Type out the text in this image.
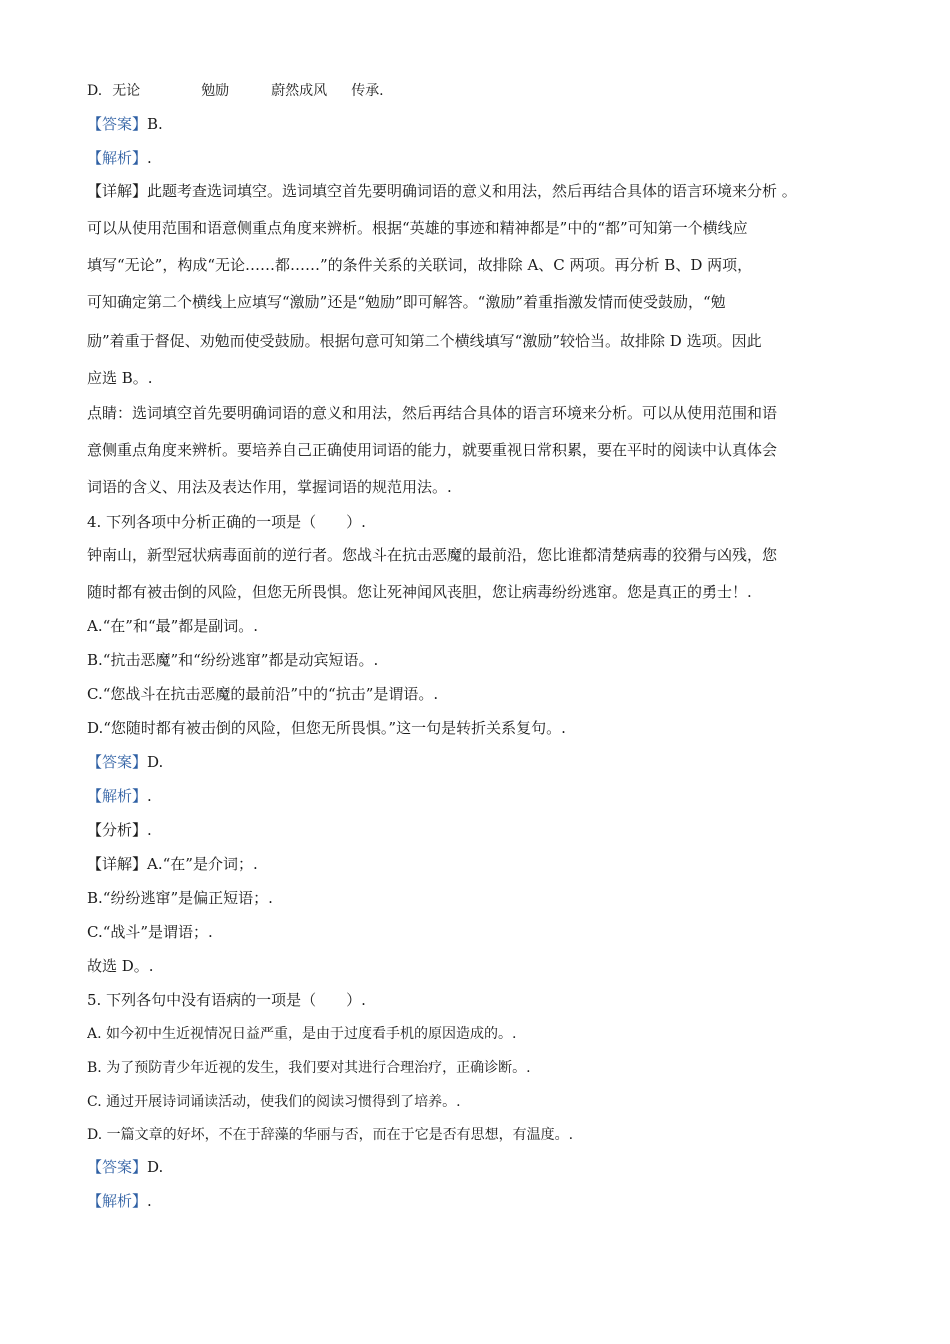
D. 无论	勉励	蔚然成风 传承.
【答案】B.
【解析】.
【详解】此题考查选词填空。选词填空首先要明确词语的意义和用法，然后再结合具体的语言环境来分析 。
可以从使用范围和语意侧重点角度来辨析。根据“英雄的事迹和精神都是”中的“都”可知第一个横线应
填写“无论”，构成“无论……都……”的条件关系的关联词，故排除 A、C 两项。再分析 B、D 两项，
可知确定第二个横线上应填写“激励”还是“勉励”即可解答。“激励”着重指激发情而使受鼓励，“勉
励”着重于督促、劝勉而使受鼓励。根据句意可知第二个横线填写“激励”较恰当。故排除 D 选项。因此
应选 B。.
点睛：选词填空首先要明确词语的意义和用法，然后再结合具体的语言环境来分析。可以从使用范围和语
意侧重点角度来辨析。要培养自己正确使用词语的能力，就要重视日常积累，要在平时的阅读中认真体会
词语的含义、用法及表达作用，掌握词语的规范用法。.
4. 下列各项中分析正确的一项是（　　）.
钟南山，新型冠状病毒面前的逆行者。您战斗在抗击恶魔的最前沿，您比谁都清楚病毒的狡猾与凶残，您
随时都有被击倒的风险，但您无所畏惧。您让死神闻风丧胆，您让病毒纷纷逃窜。您是真正的勇士！.
A.“在”和“最”都是副词。.
B.“抗击恶魔”和“纷纷逃窜”都是动宾短语。.
C.“您战斗在抗击恶魔的最前沿”中的“抗击”是谓语。.
D.“您随时都有被击倒的风险，但您无所畏惧。”这一句是转折关系复句。.
【答案】D.
【解析】.
【分析】.
【详解】A.“在”是介词；.
B.“纷纷逃窜”是偏正短语；.
C.“战斗”是谓语；.
故选 D。.
5. 下列各句中没有语病的一项是（　　）.
A. 如今初中生近视情况日益严重，是由于过度看手机的原因造成的。.
B. 为了预防青少年近视的发生，我们要对其进行合理治疗，正确诊断。.
C. 通过开展诗词诵读活动，使我们的阅读习惯得到了培养。.
D. 一篇文章的好坏，不在于辞藻的华丽与否，而在于它是否有思想，有温度。.
【答案】D.
【解析】.
